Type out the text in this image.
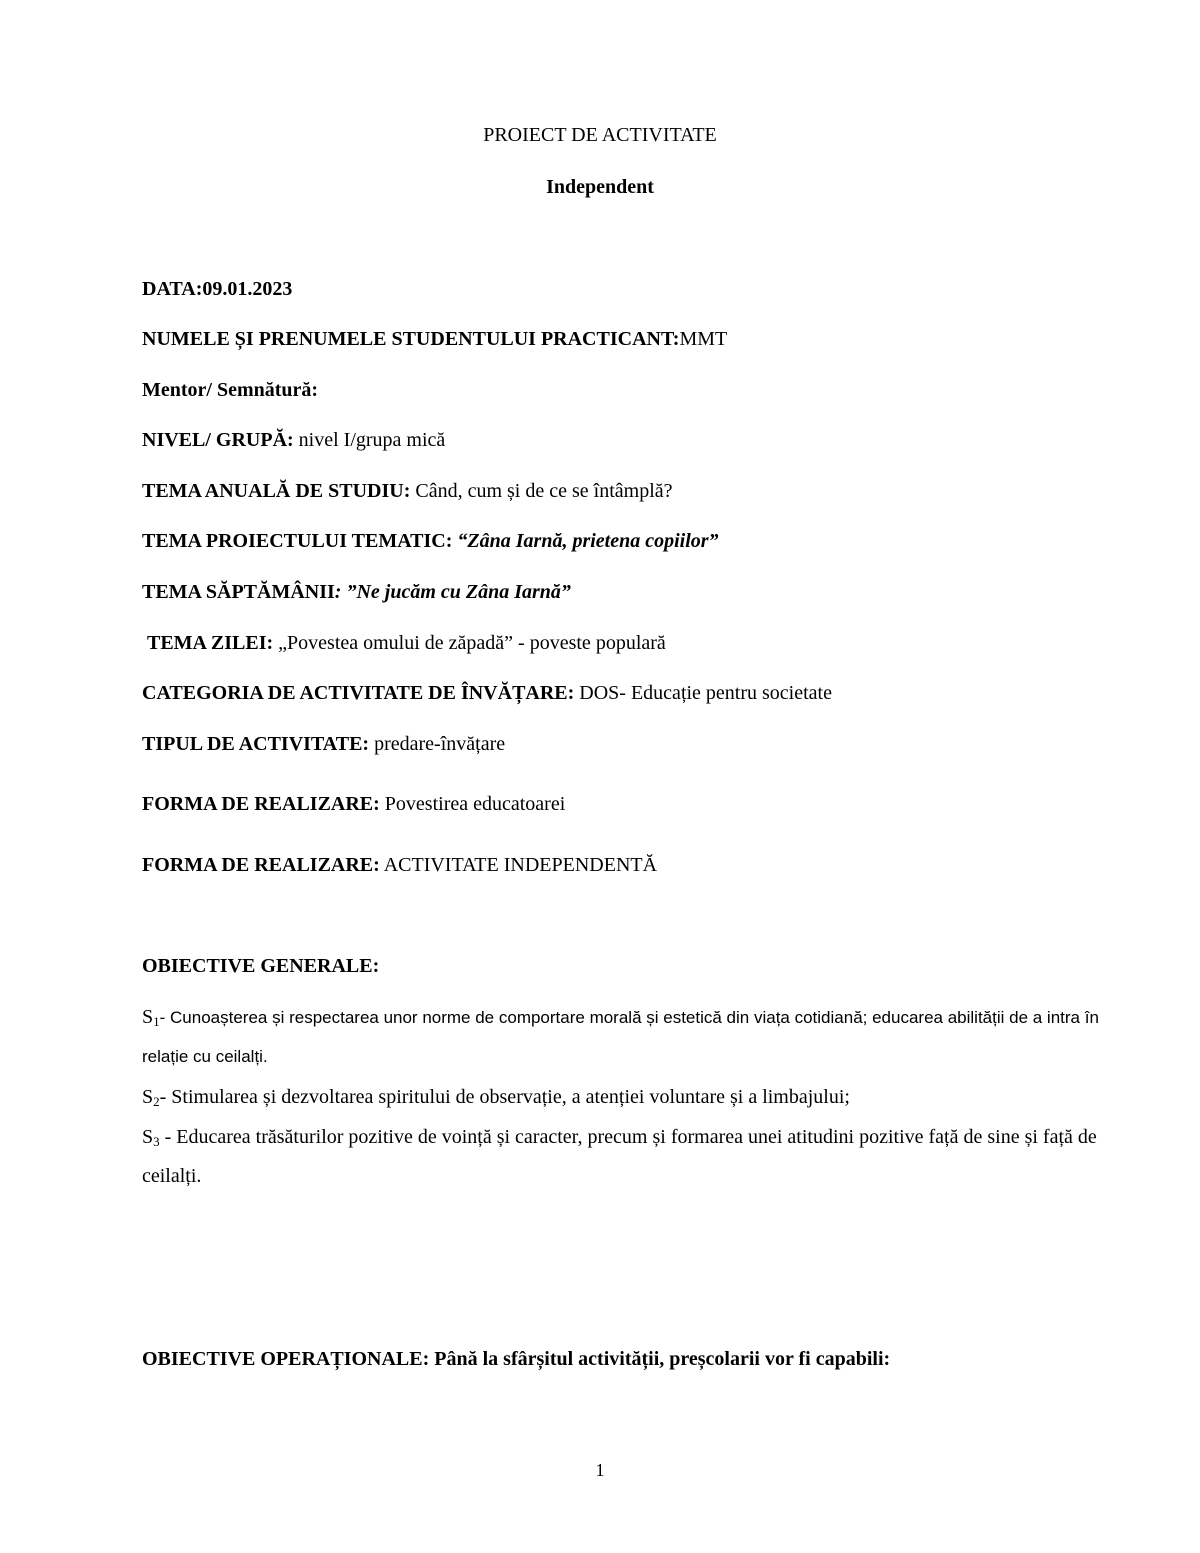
PROIECT DE ACTIVITATE
Independent
DATA:09.01.2023
NUMELE ȘI PRENUMELE STUDENTULUI PRACTICANT:MMT
Mentor/ Semnătură:
NIVEL/ GRUPĂ: nivel I/grupa mică
TEMA ANUALĂ DE STUDIU: Când, cum și de ce se întâmplă?
TEMA PROIECTULUI TEMATIC: “Zâna Iarnă, prietena copiilor”
TEMA SĂPTĂMÂNII: ”Ne jucăm cu Zâna Iarnă”
TEMA ZILEI: „Povestea omului de zăpadă” - poveste populară
CATEGORIA DE ACTIVITATE DE ÎNVĂȚARE: DOS- Educație pentru societate
TIPUL DE ACTIVITATE: predare-învățare
FORMA DE REALIZARE: Povestirea educatoarei
FORMA DE REALIZARE: ACTIVITATE INDEPENDENTĂ
OBIECTIVE GENERALE:
$S_1-$ Cunoașterea și respectarea unor norme de comportare morală și estetică din viața cotidiană; educarea abilității de a intra în relație cu ceilalți.
$S_2-$ Stimularea și dezvoltarea spiritului de observație, a atenției voluntare și a limbajului;
$S_3$ - Educarea trăsăturilor pozitive de voință și caracter, precum și formarea unei atitudini pozitive față de sine și față de ceilalți.
OBIECTIVE OPERAȚIONALE: Până la sfârșitul activității, preșcolarii vor fi capabili:
1
